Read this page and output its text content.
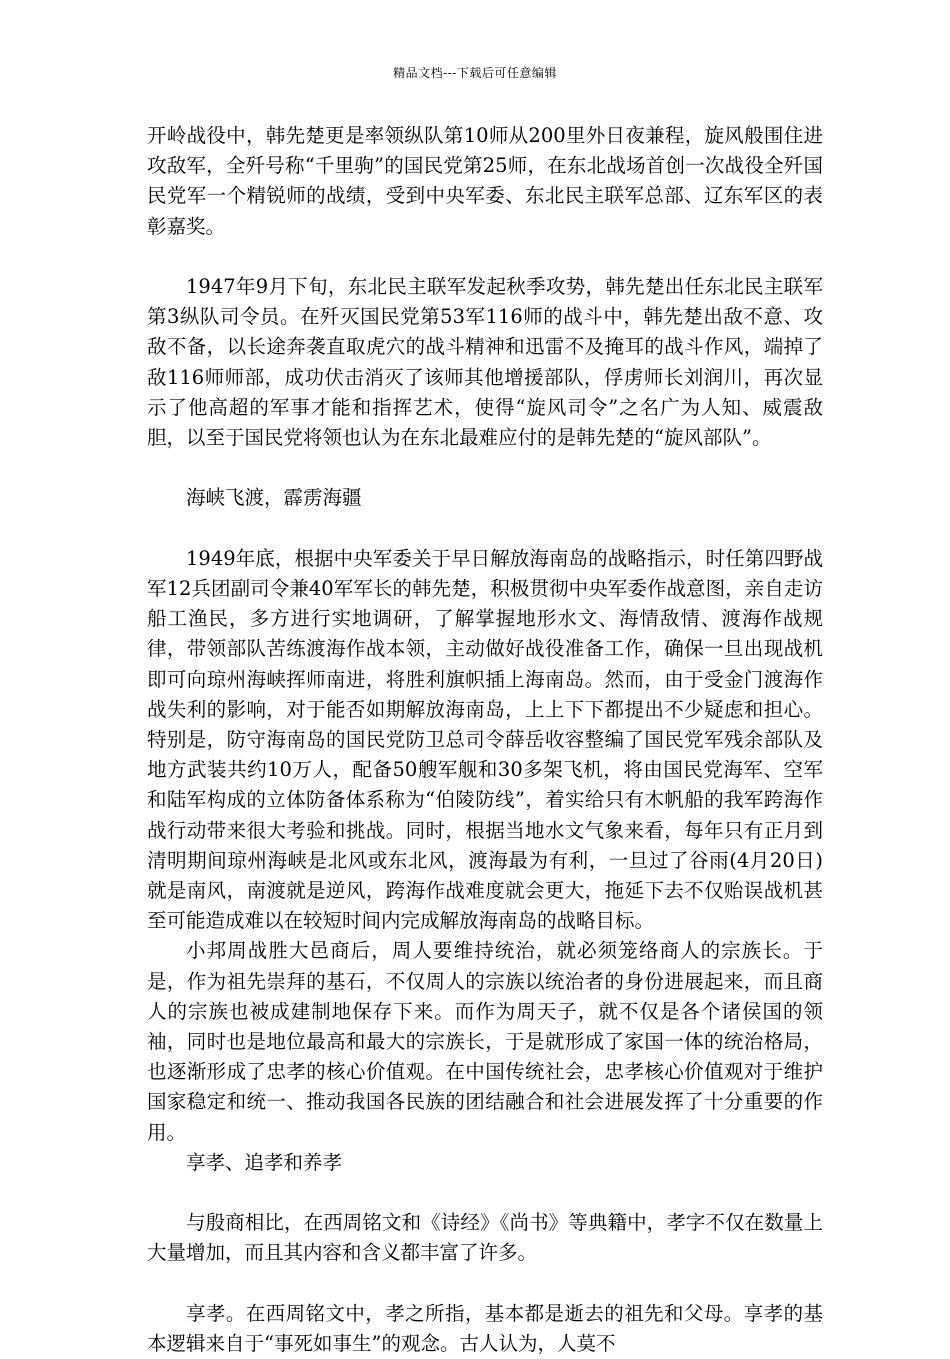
精品文档---下载后可任意编辑

开岭战役中，韩先楚更是率领纵队第10师从200里外日夜兼程，旋风般围住进攻敌军，全歼号称“千里驹”的国民党第25师，在东北战场首创一次战役全歼国民党军一个精锐师的战绩，受到中央军委、东北民主联军总部、辽东军区的表彰嘉奖。

1947年9月下旬，东北民主联军发起秋季攻势，韩先楚出任东北民主联军第3纵队司令员。在歼灭国民党第53军116师的战斗中，韩先楚出敌不意、攻敌不备，以长途奔袭直取虎穴的战斗精神和迅雷不及掩耳的战斗作风，端掉了敌116师师部，成功伏击消灭了该师其他增援部队，俘虏师长刘润川，再次显示了他高超的军事才能和指挥艺术，使得“旋风司令”之名广为人知、威震敌胆，以至于国民党将领也认为在东北最难应付的是韩先楚的“旋风部队”。

海峡飞渡，霹雳海疆

1949年底，根据中央军委关于早日解放海南岛的战略指示，时任第四野战军12兵团副司令兼40军军长的韩先楚，积极贯彻中央军委作战意图，亲自走访船工渔民，多方进行实地调研，了解掌握地形水文、海情敌情、渡海作战规律，带领部队苦练渡海作战本领，主动做好战役准备工作，确保一旦出现战机即可向琼州海峡挥师南进，将胜利旗帜插上海南岛。然而，由于受金门渡海作战失利的影响，对于能否如期解放海南岛，上上下下都提出不少疑虑和担心。特别是，防守海南岛的国民党防卫总司令薛岳收容整编了国民党军残余部队及地方武装共约10万人，配备50艘军舰和30多架飞机，将由国民党海军、空军和陆军构成的立体防备体系称为“伯陵防线”，着实给只有木帆船的我军跨海作战行动带来很大考验和挑战。同时，根据当地水文气象来看，每年只有正月到清明期间琼州海峡是北风或东北风，渡海最为有利，一旦过了谷雨(4月20日)就是南风，南渡就是逆风，跨海作战难度就会更大，拖延下去不仅贻误战机甚至可能造成难以在较短时间内完成解放海南岛的战略目标。

小邦周战胜大邑商后，周人要维持统治，就必须笼络商人的宗族长。于是，作为祖先崇拜的基石，不仅周人的宗族以统治者的身份进展起来，而且商人的宗族也被成建制地保存下来。而作为周天子，就不仅是各个诸侯国的领袖，同时也是地位最高和最大的宗族长，于是就形成了家国一体的统治格局，也逐渐形成了忠孝的核心价值观。在中国传统社会，忠孝核心价值观对于维护国家稳定和统一、推动我国各民族的团结融合和社会进展发挥了十分重要的作用。

享孝、追孝和养孝

与殷商相比，在西周铭文和《诗经》《尚书》等典籍中，孝字不仅在数量上大量增加，而且其内容和含义都丰富了许多。

享孝。在西周铭文中，孝之所指，基本都是逝去的祖先和父母。享孝的基本逻辑来自于“事死如事生”的观念。古人认为，人莫不
